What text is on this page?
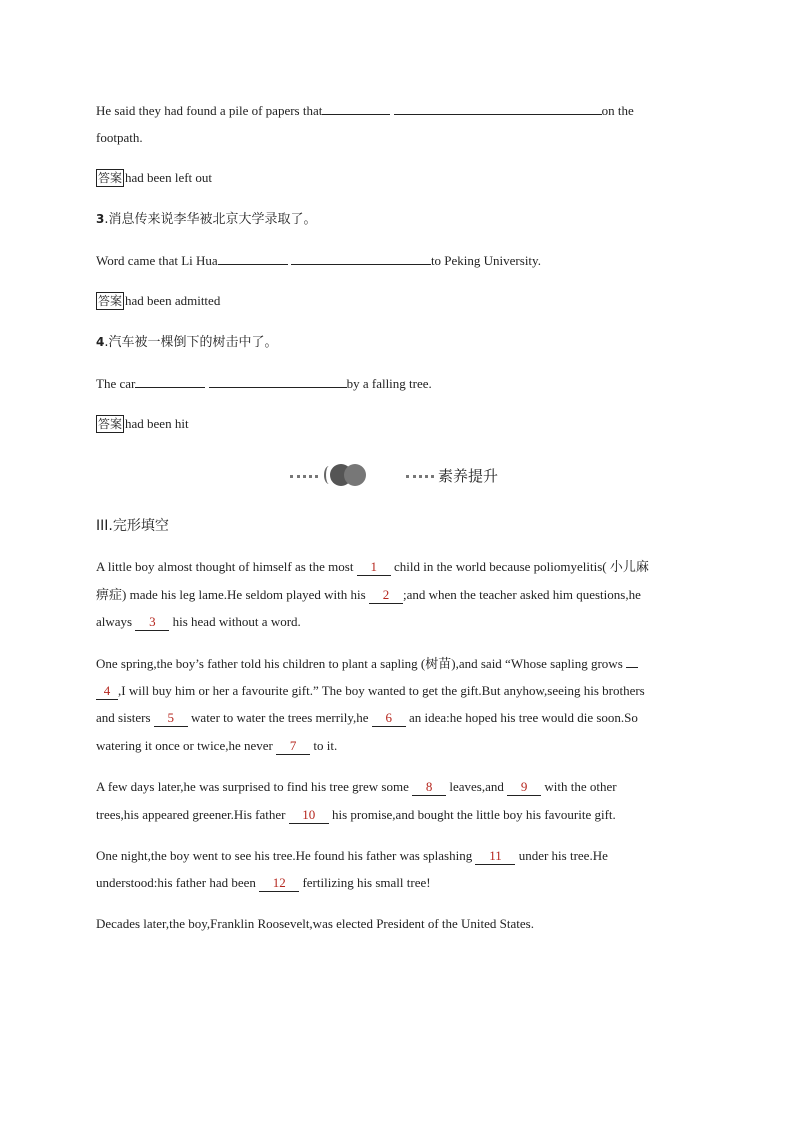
He said they had found a pile of papers that	on the
footpath.
答案 had been left out
3.消息传来说李华被北京大学录取了。
Word came that Li Hua	to Peking University.
答案 had been admitted
4.汽车被一棵倒下的树击中了。
The car	by a falling tree.
答案 had been hit
素养提升
III.完形填空
A little boy almost thought of himself as the most 1 child in the world because poliomyelitis( 小儿麻
痹症) made his leg lame.He seldom played with his 2 ;and when the teacher asked him questions,he
always 3 his head without a word.
One spring,the boy’s father told his children to plant a sapling (树苗),and said “Whose sapling grows
4 ,I will buy him or her a favourite gift.” The boy wanted to get the gift.But anyhow,seeing his brothers
and sisters 5 water to water the trees merrily,he 6 an idea:he hoped his tree would die soon.So
watering it once or twice,he never 7 to it.
A few days later,he was surprised to find his tree grew some 8 leaves,and 9 with the other
trees,his appeared greener.His father 10 his promise,and bought the little boy his favourite gift.
One night,the boy went to see his tree.He found his father was splashing 11 under his tree.He
understood:his father had been 12 fertilizing his small tree!
Decades later,the boy,Franklin Roosevelt,was elected President of the United States.
